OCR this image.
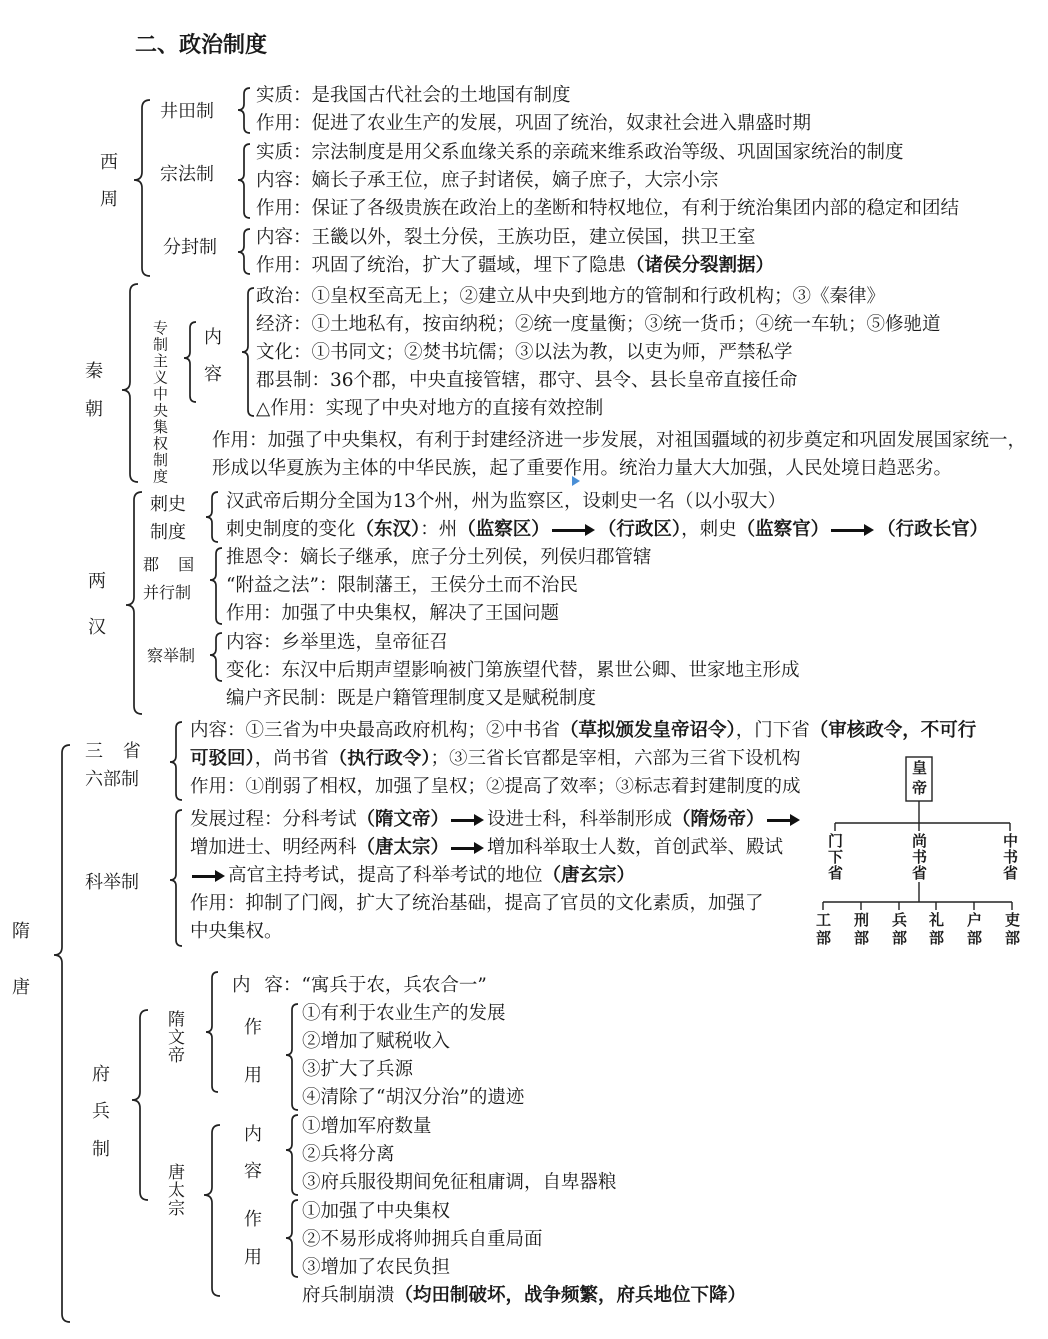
二、政治制度
西
周
井田制
实质：是我国古代社会的土地国有制度
作用：促进了农业生产的发展，巩固了统治，奴隶社会进入鼎盛时期
宗法制
实质：宗法制度是用父系血缘关系的亲疏来维系政治等级、巩固国家统治的制度
内容：嫡长子承王位，庶子封诸侯，嫡子庶子，大宗小宗
作用：保证了各级贵族在政治上的垄断和特权地位，有利于统治集团内部的稳定和团结
分封制 内容：王畿以外，裂土分侯，王族功臣，建立侯国，拱卫王室
作用：巩固了统治，扩大了疆域，埋下了隐患（诸侯分裂割据）
秦
朝	专制主义中央集权制度 内
容
政治：①皇权至高无上；②建立从中央到地方的管制和行政机构；③《秦律》
经济：①土地私有，按亩纳税；②统一度量衡；③统一货币；④统一车轨；⑤修驰道
文化：①书同文；②焚书坑儒；③以法为教，以吏为师，严禁私学
郡县制：36个郡，中央直接管辖，郡守、县令、县长皇帝直接任命
△作用：实现了中央对地方的直接有效控制
作用：加强了中央集权，有利于封建经济进一步发展，对祖国疆域的初步奠定和巩固发展国家统一，
形成以华夏族为主体的中华民族，起了重要作用。统治力量大大加强，人民处境日趋恶劣。
两
汉
刺史
制度
汉武帝后期分全国为13个州，州为监察区，设刺史一名（以小驭大）
刺史制度的变化（东汉）：州（监察区）	（行政区），刺史（监察官）	（行政长官）
郡 国
并行制
推恩令：嫡长子继承，庶子分土列侯，列侯归郡管辖
“附益之法”：限制藩王，王侯分土而不治民
作用：加强了中央集权，解决了王国问题
察举制
内容：乡举里选，皇帝征召
变化：东汉中后期声望影响被门第族望代替，累世公卿、世家地主形成
编户齐民制：既是户籍管理制度又是赋税制度
隋
唐
三 省
六部制
内容：①三省为中央最高政府机构；②中书省（草拟颁发皇帝诏令），门下省（审核政令，不可行
可驳回），尚书省（执行政令）；③三省长官都是宰相，六部为三省下设机构
作用：①削弱了相权，加强了皇权；②提高了效率；③标志着封建制度的成	皇帝
门下省	尚书省	中书省
工部 刑部 兵部 礼部 户部 吏部
科举制
发展过程：分科考试（隋文帝） 设进士科，科举制形成（隋炀帝）
增加进士、明经两科（唐太宗） 增加科举取士人数，首创武举、殿试
高官主持考试，提高了科举考试的地位（唐玄宗）
作用：抑制了门阀，扩大了统治基础，提高了官员的文化素质，加强了
中央集权。
府
兵
制
隋文帝
内 容：“寓兵于农，兵农合一”
作
用
①有利于农业生产的发展
②增加了赋税收入
③扩大了兵源
④清除了“胡汉分治”的遗迹
唐太宗
内
容
①增加军府数量
②兵将分离
③府兵服役期间免征租庸调，自卑器粮
作
用
①加强了中央集权
②不易形成将帅拥兵自重局面
③增加了农民负担
府兵制崩溃（均田制破坏，战争频繁，府兵地位下降）
